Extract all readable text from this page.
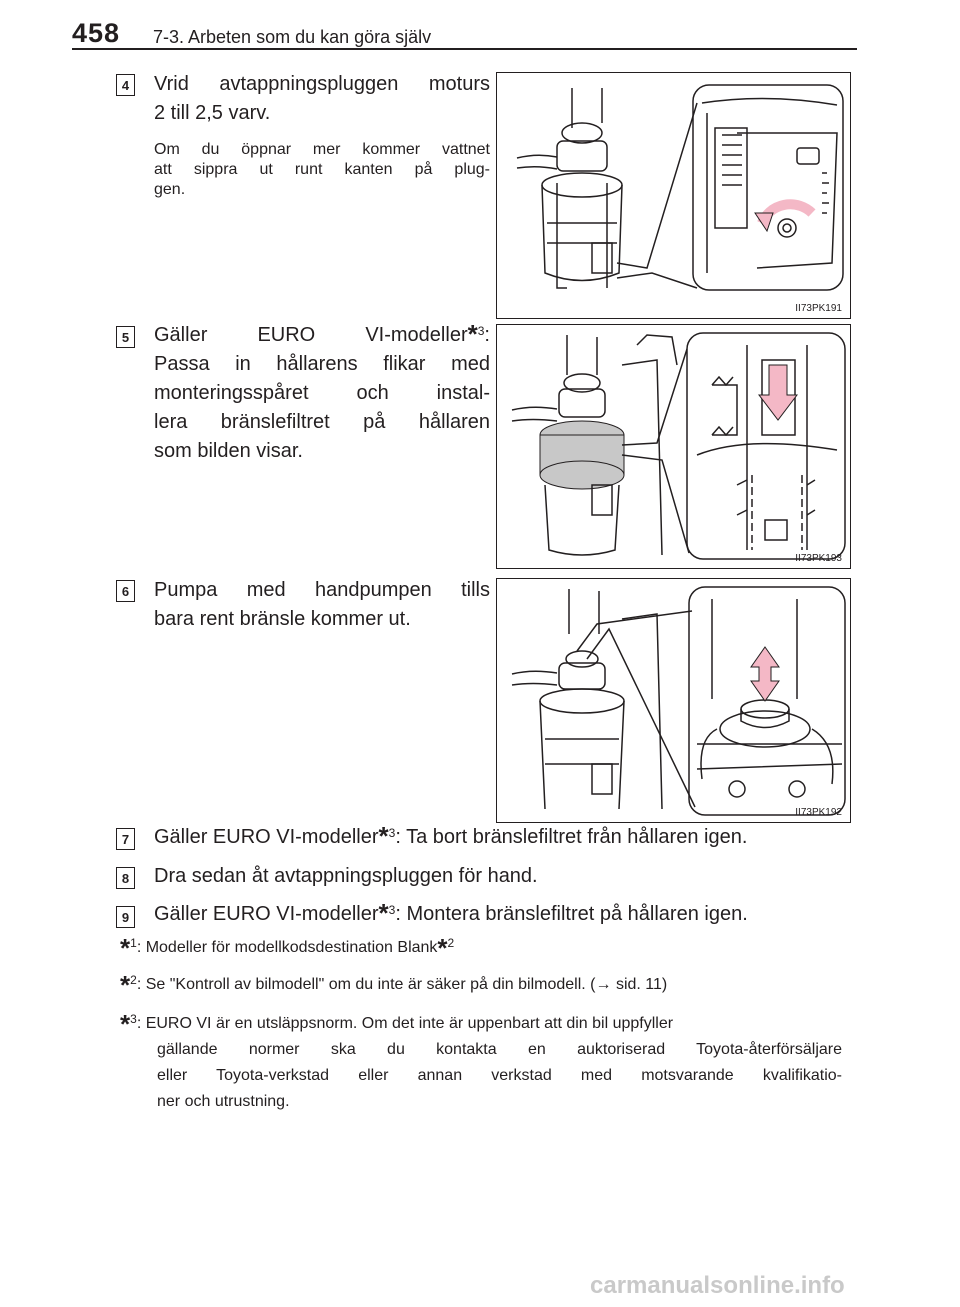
458 7-3. Arbeten som du kan göra själv
4 Vrid avtappningspluggen moturs
2 till 2,5 varv.
Om du öppnar mer kommer vattnet
att sippra ut runt kanten på plug-
gen.
II73PK191
5 Gäller	EURO	VI-modeller*$^3$:
Passa in hållarens flikar med
monteringsspåret och instal-
lera bränslefiltret på hållaren
som bilden visar.
II73PK193
6 Pumpa med handpumpen tills
bara rent bränsle kommer ut.
II73PK192
7 Gäller EURO VI-modeller*$^3$: Ta bort bränslefiltret från hållaren igen.
8 Dra sedan åt avtappningspluggen för hand.
9 Gäller EURO VI-modeller*$^3$: Montera bränslefiltret på hållaren igen.
*$^1$: Modeller för modellkodsdestination Blank*$^2$
*$^2$: Se "Kontroll av bilmodell" om du inte är säker på din bilmodell. (→ sid. 11)
*$^3$: EURO VI är en utsläppsnorm. Om det inte är uppenbart att din bil uppfyller
gällande normer ska du kontakta en auktoriserad Toyota-återförsäljare
eller Toyota-verkstad eller annan verkstad med motsvarande kvalifikatio-
ner och utrustning.
carmanualsonline.info
